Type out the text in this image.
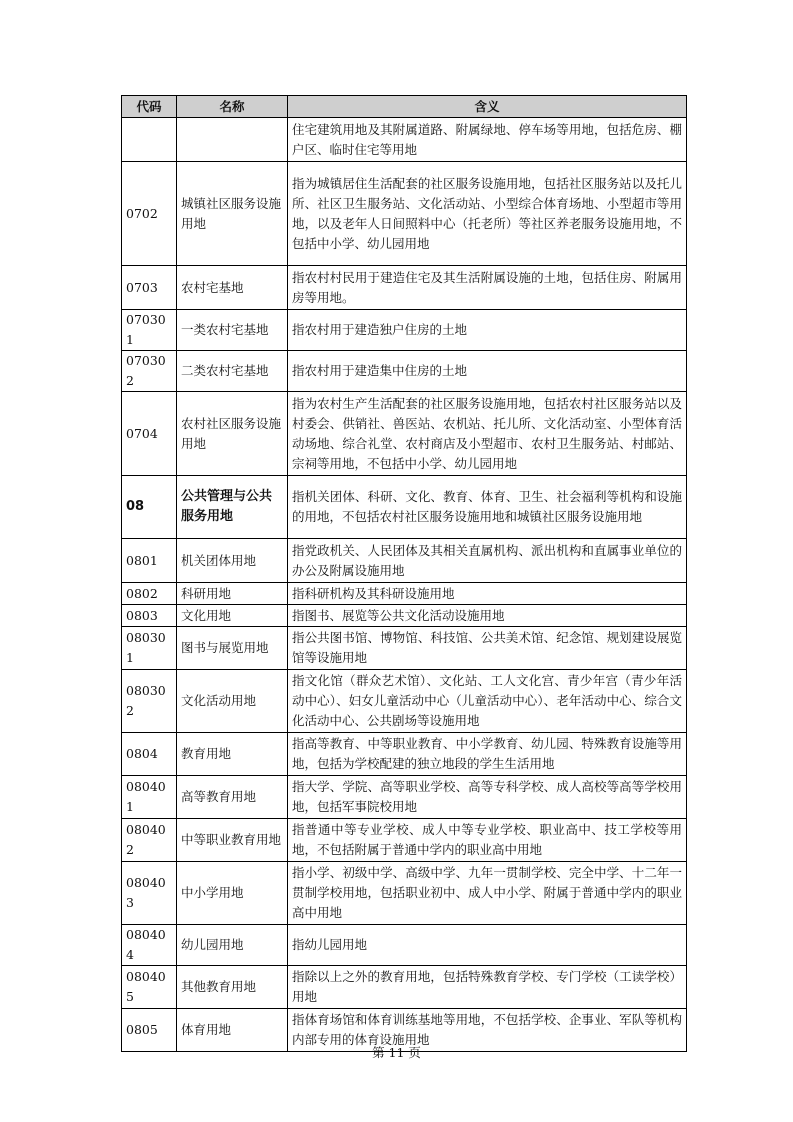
代码	名称	含义
		住宅建筑用地及其附属道路、附属绿地、停车场等用地，包括危房、棚户区、临时住宅等用地
0702	城镇社区服务设施用地	指为城镇居住生活配套的社区服务设施用地，包括社区服务站以及托儿所、社区卫生服务站、文化活动站、小型综合体育场地、小型超市等用地，以及老年人日间照料中心（托老所）等社区养老服务设施用地，不包括中小学、幼儿园用地
0703	农村宅基地	指农村村民用于建造住宅及其生活附属设施的土地，包括住房、附属用房等用地。
070301	一类农村宅基地	指农村用于建造独户住房的土地
070302	二类农村宅基地	指农村用于建造集中住房的土地
0704	农村社区服务设施用地	指为农村生产生活配套的社区服务设施用地，包括农村社区服务站以及村委会、供销社、兽医站、农机站、托儿所、文化活动室、小型体育活动场地、综合礼堂、农村商店及小型超市、农村卫生服务站、村邮站、宗祠等用地，不包括中小学、幼儿园用地
08	公共管理与公共服务用地	指机关团体、科研、文化、教育、体育、卫生、社会福利等机构和设施的用地，不包括农村社区服务设施用地和城镇社区服务设施用地
0801	机关团体用地	指党政机关、人民团体及其相关直属机构、派出机构和直属事业单位的办公及附属设施用地
0802	科研用地	指科研机构及其科研设施用地
0803	文化用地	指图书、展览等公共文化活动设施用地
080301	图书与展览用地	指公共图书馆、博物馆、科技馆、公共美术馆、纪念馆、规划建设展览馆等设施用地
080302	文化活动用地	指文化馆（群众艺术馆）、文化站、工人文化宫、青少年宫（青少年活动中心）、妇女儿童活动中心（儿童活动中心）、老年活动中心、综合文化活动中心、公共剧场等设施用地
0804	教育用地	指高等教育、中等职业教育、中小学教育、幼儿园、特殊教育设施等用地，包括为学校配建的独立地段的学生生活用地
080401	高等教育用地	指大学、学院、高等职业学校、高等专科学校、成人高校等高等学校用地，包括军事院校用地
080402	中等职业教育用地	指普通中等专业学校、成人中等专业学校、职业高中、技工学校等用地，不包括附属于普通中学内的职业高中用地
080403	中小学用地	指小学、初级中学、高级中学、九年一贯制学校、完全中学、十二年一贯制学校用地，包括职业初中、成人中小学、附属于普通中学内的职业高中用地
080404	幼儿园用地	指幼儿园用地
080405	其他教育用地	指除以上之外的教育用地，包括特殊教育学校、专门学校（工读学校）用地
0805	体育用地	指体育场馆和体育训练基地等用地，不包括学校、企事业、军队等机构内部专用的体育设施用地
第 11 页
